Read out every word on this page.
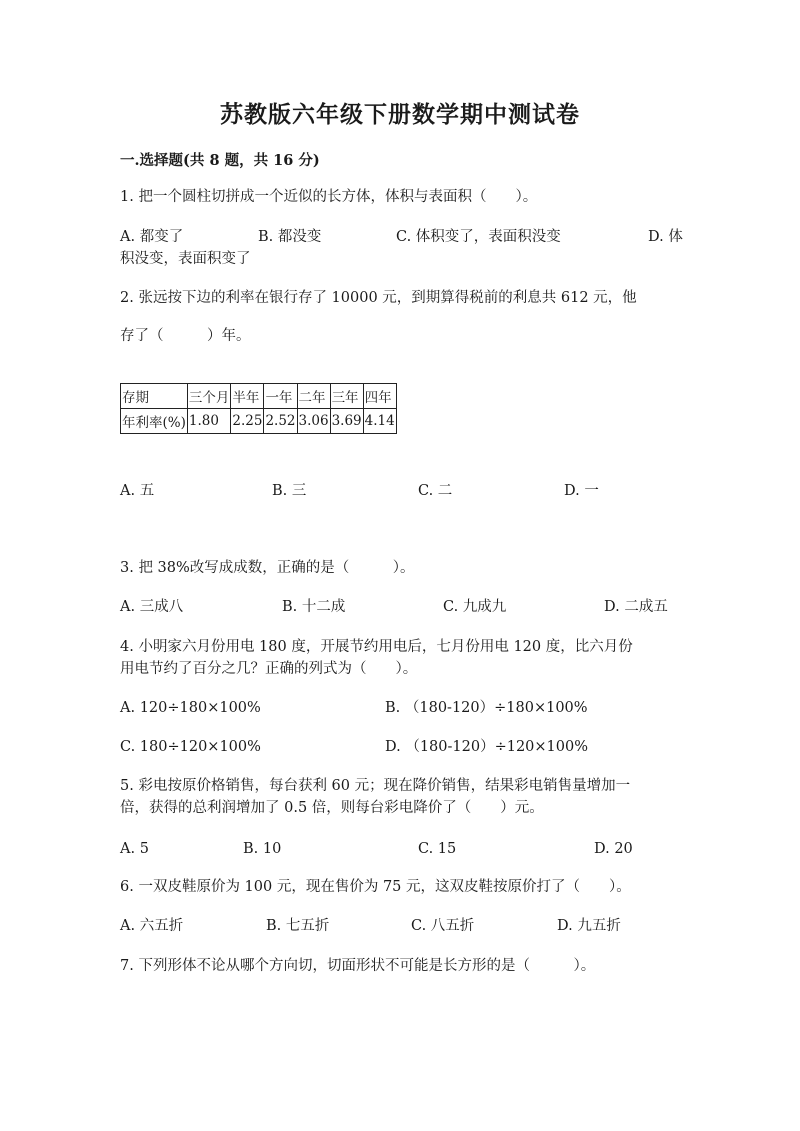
苏教版六年级下册数学期中测试卷
一.选择题(共 8 题，共 16 分)
1. 把一个圆柱切拼成一个近似的长方体，体积与表面积（　　）。
A. 都变了	B. 都没变	C. 体积变了，表面积没变	D. 体
积没变，表面积变了
2. 张远按下边的利率在银行存了 10000 元，到期算得税前的利息共 612 元，他
存了（　　　）年。
存期	三个月	半年	一年	二年	三年	四年
年利率(%)	1.80	2.25	2.52	3.06	3.69	4.14
A. 五	B. 三	C. 二	D. 一
3. 把 38%改写成成数，正确的是（　　　）。
A. 三成八	B. 十二成	C. 九成九	D. 二成五
4. 小明家六月份用电 180 度，开展节约用电后，七月份用电 120 度，比六月份
用电节约了百分之几？正确的列式为（　　）。
A. 120÷180×100%	B. （180-120）÷180×100%
C. 180÷120×100%	D. （180-120）÷120×100%
5. 彩电按原价格销售，每台获利 60 元；现在降价销售，结果彩电销售量增加一
倍，获得的总利润增加了 0.5 倍，则每台彩电降价了（　　）元。
A. 5	B. 10	C. 15	D. 20
6. 一双皮鞋原价为 100 元，现在售价为 75 元，这双皮鞋按原价打了（　　）。
A. 六五折	B. 七五折	C. 八五折	D. 九五折
7. 下列形体不论从哪个方向切，切面形状不可能是长方形的是（　　　）。
